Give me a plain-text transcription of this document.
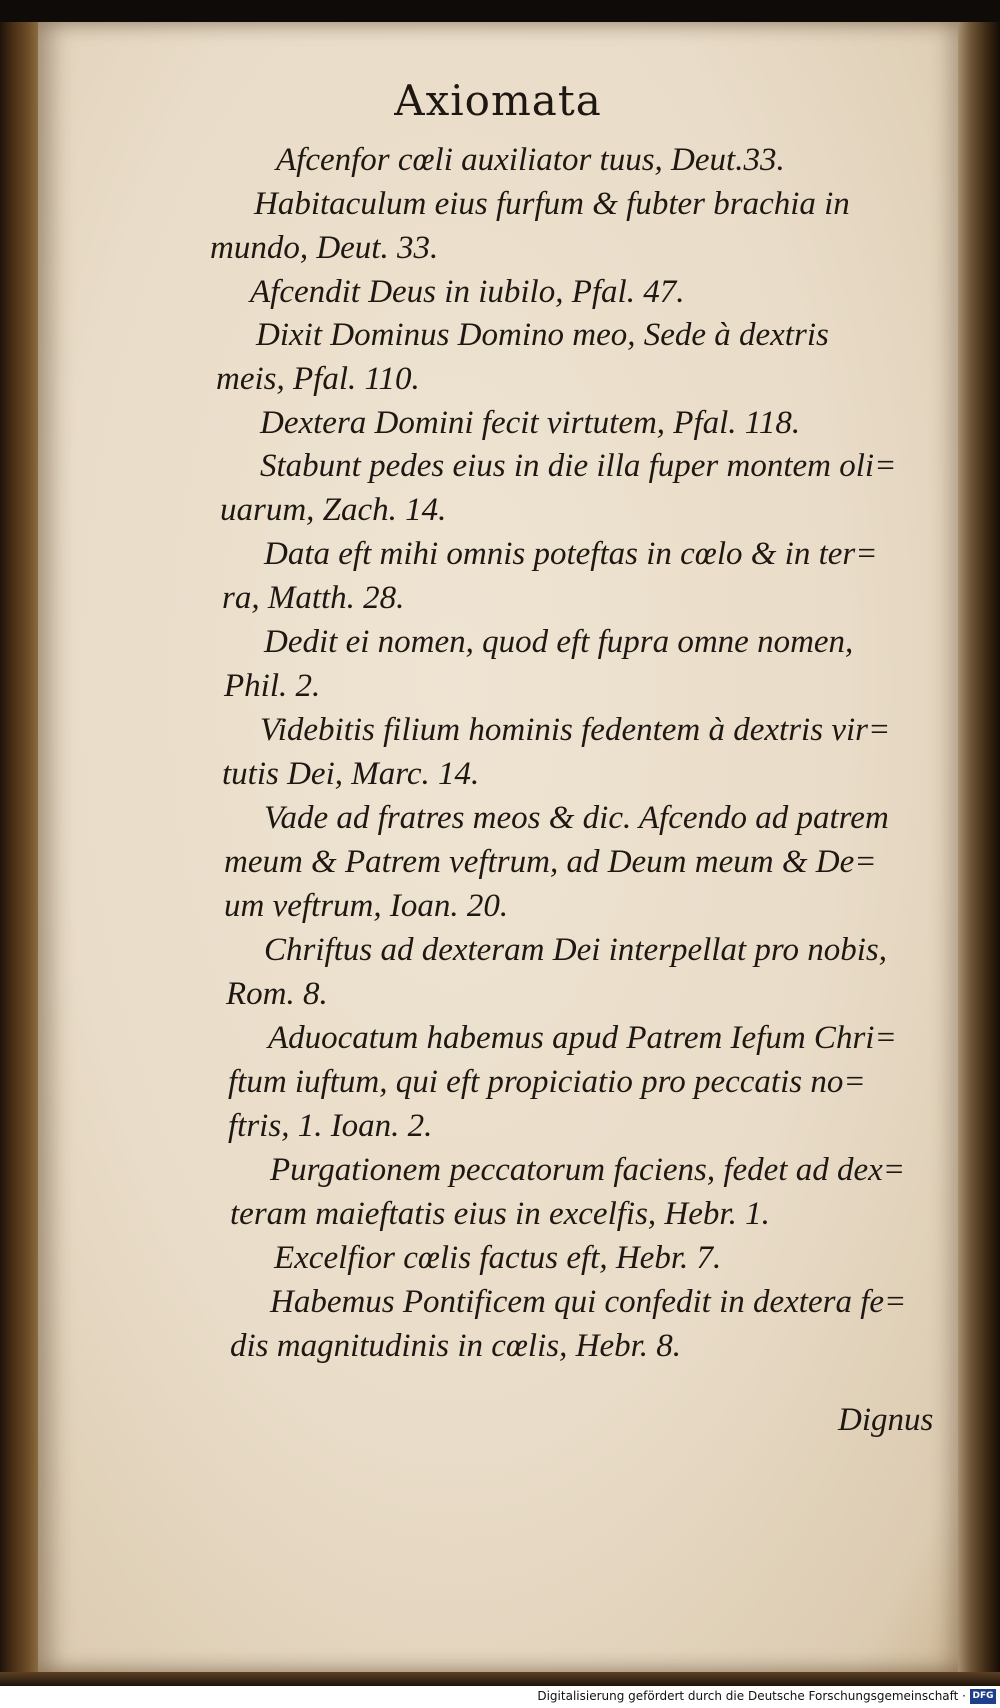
Axiomata
Afcenfor cœli auxiliator tuus, Deut.33.
Habitaculum eius furfum & fubter brachia in
mundo, Deut. 33.
Afcendit Deus in iubilo, Pfal. 47.
Dixit Dominus Domino meo, Sede à dextris
meis, Pfal. 110.
Dextera Domini fecit virtutem, Pfal. 118.
Stabunt pedes eius in die illa fuper montem oli=
uarum, Zach. 14.
Data eft mihi omnis poteftas in cœlo & in ter=
ra, Matth. 28.
Dedit ei nomen, quod eft fupra omne nomen,
Phil. 2.
Videbitis filium hominis fedentem à dextris vir=
tutis Dei, Marc. 14.
Vade ad fratres meos & dic. Afcendo ad patrem
meum & Patrem veftrum, ad Deum meum & De=
um veftrum, Ioan. 20.
Chriftus ad dexteram Dei interpellat pro nobis,
Rom. 8.
Aduocatum habemus apud Patrem Iefum Chri=
ftum iuftum, qui eft propiciatio pro peccatis no=
ftris, 1. Ioan. 2.
Purgationem peccatorum faciens, fedet ad dex=
teram maieftatis eius in excelfis, Hebr. 1.
Excelfior cœlis factus eft, Hebr. 7.
Habemus Pontificem qui confedit in dextera fe=
dis magnitudinis in cœlis, Hebr. 8.
Dignus
Digitalisierung gefördert durch die Deutsche Forschungsgemeinschaft · DFG
